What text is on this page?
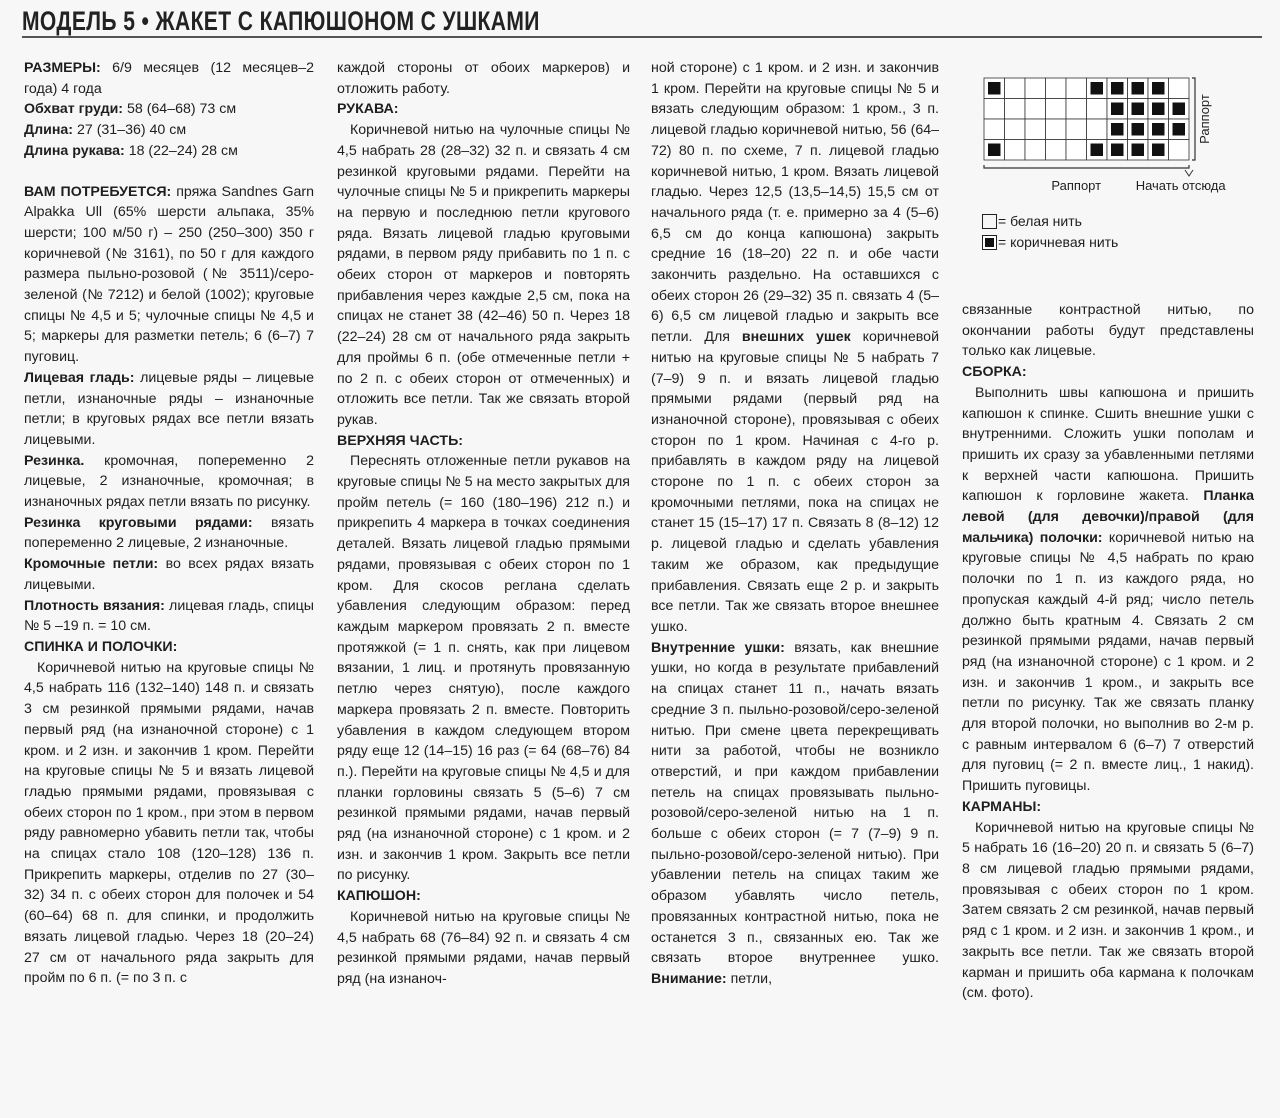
МОДЕЛЬ 5 • ЖАКЕТ С КАПЮШОНОМ С УШКАМИ

РАЗМЕРЫ: 6/9 месяцев (12 месяцев–2 года) 4 года

Обхват груди: 58 (64–68) 73 см

Длина: 27 (31–36) 40 см

Длина рукава: 18 (22–24) 28 см

ВАМ ПОТРЕБУЕТСЯ: пряжа Sandnes Garn Alpakka Ull (65% шерсти альпака, 35% шерсти; 100 м/50 г) – 250 (250–300) 350 г коричневой (№ 3161), по 50 г для каждого размера пыльно-розовой (№ 3511)/серо-зеленой (№ 7212) и белой (1002); круговые спицы № 4,5 и 5; чулочные спицы № 4,5 и 5; маркеры для разметки петель; 6 (6–7) 7 пуговиц.

Лицевая гладь: лицевые ряды – лицевые петли, изнаночные ряды – изнаночные петли; в круговых рядах все петли вязать лицевыми.

Резинка. кромочная, попеременно 2 лицевые, 2 изнаночные, кромочная; в изнаночных рядах петли вязать по рисунку.

Резинка круговыми рядами: вязать попеременно 2 лицевые, 2 изнаночные.

Кромочные петли: во всех рядах вязать лицевыми.

Плотность вязания: лицевая гладь, спицы № 5 –19 п. = 10 см.

СПИНКА И ПОЛОЧКИ:

Коричневой нитью на круговые спицы № 4,5 набрать 116 (132–140) 148 п. и связать 3 см резинкой прямыми рядами, начав первый ряд (на изнаночной стороне) с 1 кром. и 2 изн. и закончив 1 кром. Перейти на круговые спицы № 5 и вязать лицевой гладью прямыми рядами, провязывая с обеих сторон по 1 кром., при этом в первом ряду равномерно убавить петли так, чтобы на спицах стало 108 (120–128) 136 п. Прикрепить маркеры, отделив по 27 (30–32) 34 п. с обеих сторон для полочек и 54 (60–64) 68 п. для спинки, и продолжить вязать лицевой гладью. Через 18 (20–24) 27 см от начального ряда закрыть для пройм по 6 п. (= по 3 п. с

каждой стороны от обоих маркеров) и отложить работу.

РУКАВА:

Коричневой нитью на чулочные спицы № 4,5 набрать 28 (28–32) 32 п. и связать 4 см резинкой круговыми рядами. Перейти на чулочные спицы № 5 и прикрепить маркеры на первую и последнюю петли кругового ряда. Вязать лицевой гладью круговыми рядами, в первом ряду прибавить по 1 п. с обеих сторон от маркеров и повторять прибавления через каждые 2,5 см, пока на спицах не станет 38 (42–46) 50 п. Через 18 (22–24) 28 см от начального ряда закрыть для проймы 6 п. (обе отмеченные петли + по 2 п. с обеих сторон от отмеченных) и отложить все петли. Так же связать второй рукав.

ВЕРХНЯЯ ЧАСТЬ:

Переснять отложенные петли рукавов на круговые спицы № 5 на место закрытых для пройм петель (= 160 (180–196) 212 п.) и прикрепить 4 маркера в точках соединения деталей. Вязать лицевой гладью прямыми рядами, провязывая с обеих сторон по 1 кром. Для скосов реглана сделать убавления следующим образом: перед каждым маркером провязать 2 п. вместе протяжкой (= 1 п. снять, как при лицевом вязании, 1 лиц. и протянуть провязанную петлю через снятую), после каждого маркера провязать 2 п. вместе. Повторить убавления в каждом следующем втором ряду еще 12 (14–15) 16 раз (= 64 (68–76) 84 п.). Перейти на круговые спицы № 4,5 и для планки горловины связать 5 (5–6) 7 см резинкой прямыми рядами, начав первый ряд (на изнаночной стороне) с 1 кром. и 2 изн. и закончив 1 кром. Закрыть все петли по рисунку.

КАПЮШОН:

Коричневой нитью на круговые спицы № 4,5 набрать 68 (76–84) 92 п. и связать 4 см резинкой прямыми рядами, начав первый ряд (на изнаноч-

ной стороне) с 1 кром. и 2 изн. и закончив 1 кром. Перейти на круговые спицы № 5 и вязать следующим образом: 1 кром., 3 п. лицевой гладью коричневой нитью, 56 (64–72) 80 п. по схеме, 7 п. лицевой гладью коричневой нитью, 1 кром. Вязать лицевой гладью. Через 12,5 (13,5–14,5) 15,5 см от начального ряда (т. е. примерно за 4 (5–6) 6,5 см до конца капюшона) закрыть средние 16 (18–20) 22 п. и обе части закончить раздельно. На оставшихся с обеих сторон 26 (29–32) 35 п. связать 4 (5–6) 6,5 см лицевой гладью и закрыть все петли. Для внешних ушек коричневой нитью на круговые спицы № 5 набрать 7 (7–9) 9 п. и вязать лицевой гладью прямыми рядами (первый ряд на изнаночной стороне), провязывая с обеих сторон по 1 кром. Начиная с 4-го р. прибавлять в каждом ряду на лицевой стороне по 1 п. с обеих сторон за кромочными петлями, пока на спицах не станет 15 (15–17) 17 п. Связать 8 (8–12) 12 р. лицевой гладью и сделать убавления таким же образом, как предыдущие прибавления. Связать еще 2 р. и закрыть все петли. Так же связать второе внешнее ушко.

Внутренние ушки: вязать, как внешние ушки, но когда в результате прибавлений на спицах станет 11 п., начать вязать средние 3 п. пыльно-розовой/серо-зеленой нитью. При смене цвета перекрещивать нити за работой, чтобы не возникло отверстий, и при каждом прибавлении петель на спицах провязывать пыльно-розовой/серо-зеленой нитью на 1 п. больше с обеих сторон (= 7 (7–9) 9 п. пыльно-розовой/серо-зеленой нитью). При убавлении петель на спицах таким же образом убавлять число петель, провязанных контрастной нитью, пока не останется 3 п., связанных ею. Так же связать второе внутреннее ушко. Внимание: петли,

Раппорт
Раппорт	Начать отсюда
= белая нить
= коричневая нить

связанные контрастной нитью, по окончании работы будут представлены только как лицевые.

СБОРКА:

Выполнить швы капюшона и пришить капюшон к спинке. Сшить внешние ушки с внутренними. Сложить ушки пополам и пришить их сразу за убавленными петлями к верхней части капюшона. Пришить капюшон к горловине жакета. Планка левой (для девочки)/правой (для мальчика) полочки: коричневой нитью на круговые спицы № 4,5 набрать по краю полочки по 1 п. из каждого ряда, но пропуская каждый 4-й ряд; число петель должно быть кратным 4. Связать 2 см резинкой прямыми рядами, начав первый ряд (на изнаночной стороне) с 1 кром. и 2 изн. и закончив 1 кром., и закрыть все петли по рисунку. Так же связать планку для второй полочки, но выполнив во 2-м р. с равным интервалом 6 (6–7) 7 отверстий для пуговиц (= 2 п. вместе лиц., 1 накид). Пришить пуговицы.

КАРМАНЫ:

Коричневой нитью на круговые спицы № 5 набрать 16 (16–20) 20 п. и связать 5 (6–7) 8 см лицевой гладью прямыми рядами, провязывая с обеих сторон по 1 кром. Затем связать 2 см резинкой, начав первый ряд с 1 кром. и 2 изн. и закончив 1 кром., и закрыть все петли. Так же связать второй карман и пришить оба кармана к полочкам (см. фото).
